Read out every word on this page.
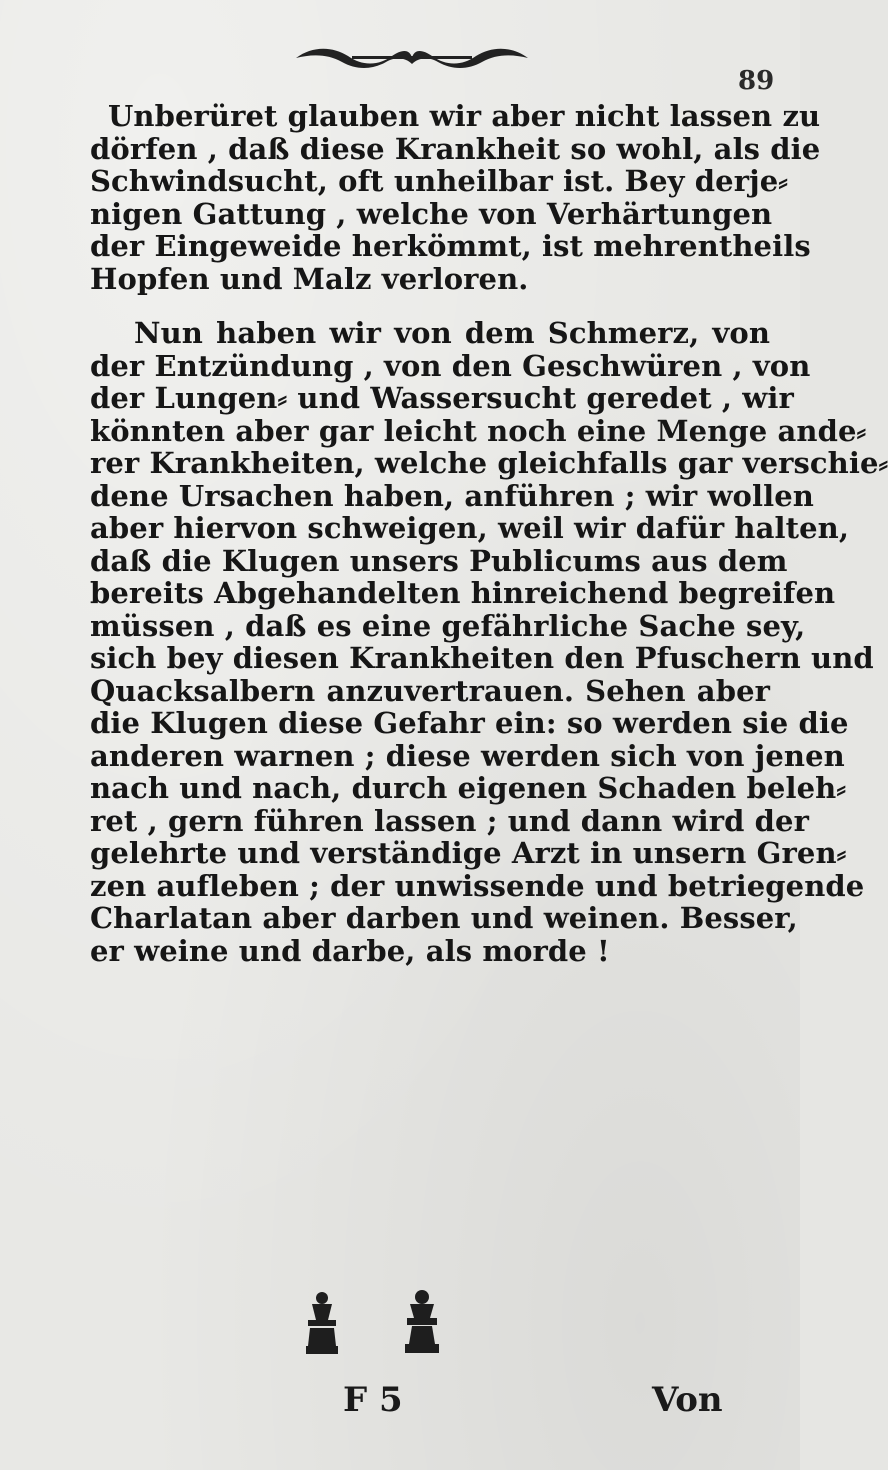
89
Unberüret glauben wir aber nicht lassen zu
dörfen , daß diese Krankheit so wohl, als die
Schwindsucht, oft unheilbar ist. Bey derje⸗
nigen Gattung , welche von Verhärtungen
der Eingeweide herkömmt, ist mehrentheils
Hopfen und Malz verloren.
Nun haben wir von dem Schmerz, von
der Entzündung , von den Geschwüren , von
der Lungen⸗ und Wassersucht geredet , wir
könnten aber gar leicht noch eine Menge ande⸗
rer Krankheiten, welche gleichfalls gar verschie⸗
dene Ursachen haben, anführen ; wir wollen
aber hiervon schweigen, weil wir dafür halten,
daß die Klugen unsers Publicums aus dem
bereits Abgehandelten hinreichend begreifen
müssen , daß es eine gefährliche Sache sey,
sich bey diesen Krankheiten den Pfuschern und
Quacksalbern anzuvertrauen. Sehen aber
die Klugen diese Gefahr ein: so werden sie die
anderen warnen ; diese werden sich von jenen
nach und nach, durch eigenen Schaden beleh⸗
ret , gern führen lassen ; und dann wird der
gelehrte und verständige Arzt in unsern Gren⸗
zen aufleben ; der unwissende und betriegende
Charlatan aber darben und weinen. Besser,
er weine und darbe, als morde !
F 5	Von
